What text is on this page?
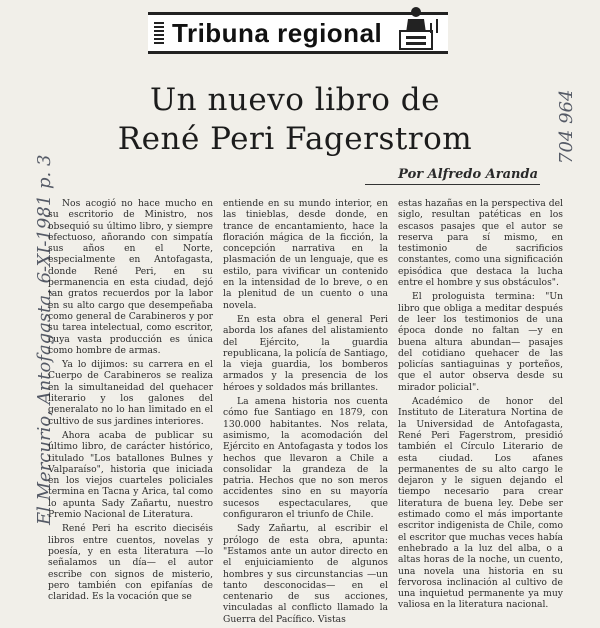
Tribuna regional
Un nuevo libro de
René Peri Fagerstrom
Por Alfredo Aranda
El Mercurio, Antofagasta, 6-XI-1981 p. 3
704 964

Nos acogió no hace mucho en su escritorio de Ministro, nos obsequió su último libro, y siempre efectuoso, añorando con simpatía sus años en el Norte, especialmente en Antofagasta, donde René Peri, en su permanencia en esta ciudad, dejó tan gratos recuerdos por la labor en su alto cargo que desempeñaba como general de Carabineros y por su tarea intelectual, como escritor, cuya vasta producción es única como hombre de armas.

Ya lo dijimos: su carrera en el Cuerpo de Carabineros se realiza en la simultaneidad del quehacer literario y los galones del generalato no lo han limitado en el cultivo de sus jardines interiores.

Ahora acaba de publicar su último libro, de carácter histórico, titulado "Los batallones Bulnes y Valparaíso", historia que iniciada en los viejos cuarteles policiales termina en Tacna y Arica, tal como lo apunta Sady Zañartu, nuestro Premio Nacional de Literatura.

René Peri ha escrito dieciséis libros entre cuentos, novelas y poesía, y en esta literatura —lo señalamos un día— el autor escribe con signos de misterio, pero también con epifanías de claridad. Es la vocación que se

entiende en su mundo interior, en las tinieblas, desde donde, en trance de encantamiento, hace la floración mágica de la ficción, la concepción narrativa en la plasmación de un lenguaje, que es estilo, para vivificar un contenido en la intensidad de lo breve, o en la plenitud de un cuento o una novela.

En esta obra el general Peri aborda los afanes del alistamiento del Ejército, la guardia republicana, la policía de Santiago, la vieja guardia, los bomberos armados y la presencia de los héroes y soldados más brillantes.

La amena historia nos cuenta cómo fue Santiago en 1879, con 130.000 habitantes. Nos relata, asimismo, la acomodación del Ejército en Antofagasta y todos los hechos que llevaron a Chile a consolidar la grandeza de la patria. Hechos que no son meros accidentes sino en su mayoría sucesos espectaculares, que configuraron el triunfo de Chile.

Sady Zañartu, al escribir el prólogo de esta obra, apunta: "Estamos ante un autor directo en el enjuiciamiento de algunos hombres y sus circunstancias —un tanto desconocidas— en el centenario de sus acciones, vinculadas al conflicto llamado la Guerra del Pacífico. Vistas

estas hazañas en la perspectiva del siglo, resultan patéticas en los escasos pasajes que el autor se reserva para sí mismo, en testimonio de sacrificios constantes, como una significación episódica que destaca la lucha entre el hombre y sus obstáculos".

El prologuista termina: "Un libro que obliga a meditar después de leer los testimonios de una época donde no faltan —y en buena altura abundan— pasajes del cotidiano quehacer de las policías santiaguinas y porteños, que el autor observa desde su mirador policial".

Académico de honor del Instituto de Literatura Nortina de la Universidad de Antofagasta, René Peri Fagerstrom, presidió también el Círculo Literario de esta ciudad. Los afanes permanentes de su alto cargo le dejaron y le siguen dejando el tiempo necesario para crear literatura de buena ley. Debe ser estimado como el más importante escritor indigenista de Chile, como el escritor que muchas veces había enhebrado a la luz del alba, o a altas horas de la noche, un cuento, una novela una historia en su fervorosa inclinación al cultivo de una inquietud permanente ya muy valiosa en la literatura nacional.
